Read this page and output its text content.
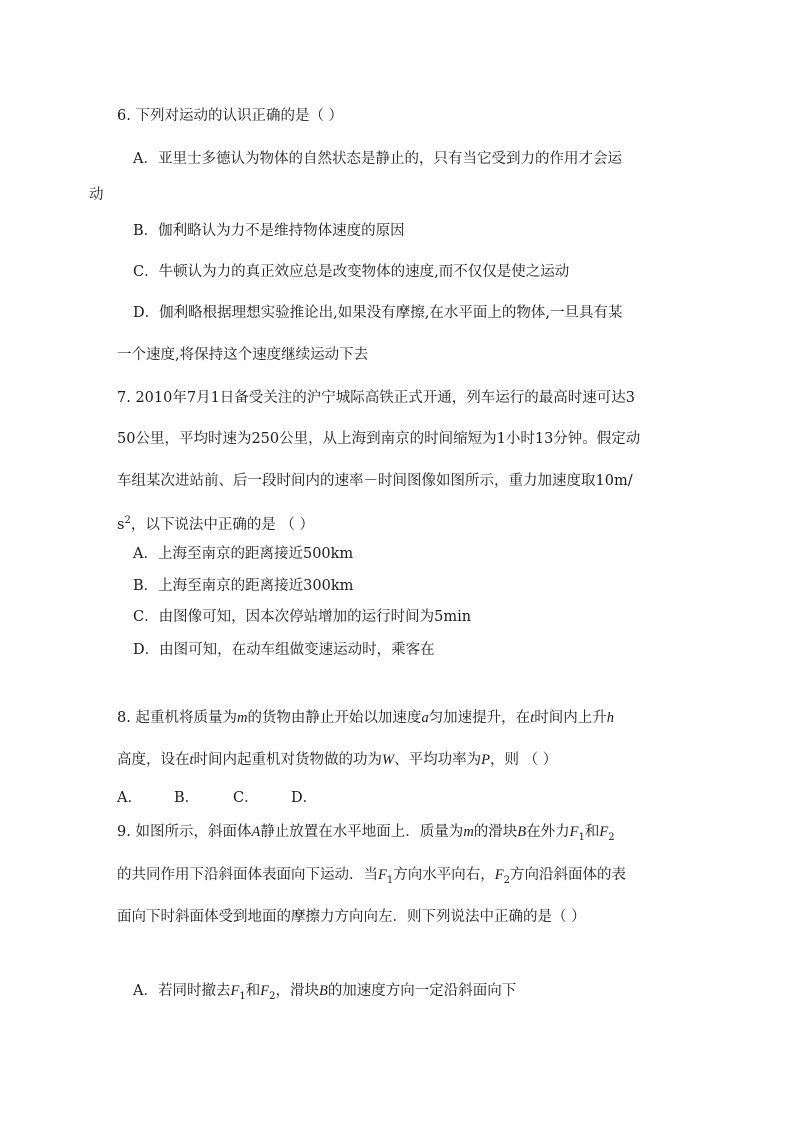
6. 下列对运动的认识正确的是（ ）
A．亚里士多德认为物体的自然状态是静止的，只有当它受到力的作用才会运
动
B．伽利略认为力不是维持物体速度的原因
C．牛顿认为力的真正效应总是改变物体的速度,而不仅仅是使之运动
D．伽利略根据理想实验推论出,如果没有摩擦,在水平面上的物体,一旦具有某
一个速度,将保持这个速度继续运动下去
7. 2010年7月1日备受关注的沪宁城际高铁正式开通，列车运行的最高时速可达3
50公里，平均时速为250公里，从上海到南京的时间缩短为1小时13分钟。假定动
车组某次进站前、后一段时间内的速率－时间图像如图所示，重力加速度取10m/
$s^2$，以下说法中正确的是 （ ）
A．上海至南京的距离接近500km
B．上海至南京的距离接近300km
C．由图像可知，因本次停站增加的运行时间为5min
D．由图可知，在动车组做变速运动时，乘客在
8. 起重机将质量为m的货物由静止开始以加速度a匀加速提升，在t时间内上升h
高度，设在t时间内起重机对货物做的功为W、平均功率为P，则 （ ）
A． B． C． D．
9. 如图所示，斜面体A静止放置在水平地面上．质量为m的滑块B在外力$F_1$和$F_2$
的共同作用下沿斜面体表面向下运动．当$F_1$方向水平向右，$F_2$方向沿斜面体的表
面向下时斜面体受到地面的摩擦力方向向左．则下列说法中正确的是（ ）
A．若同时撤去$F_1$和$F_2$，滑块B的加速度方向一定沿斜面向下
